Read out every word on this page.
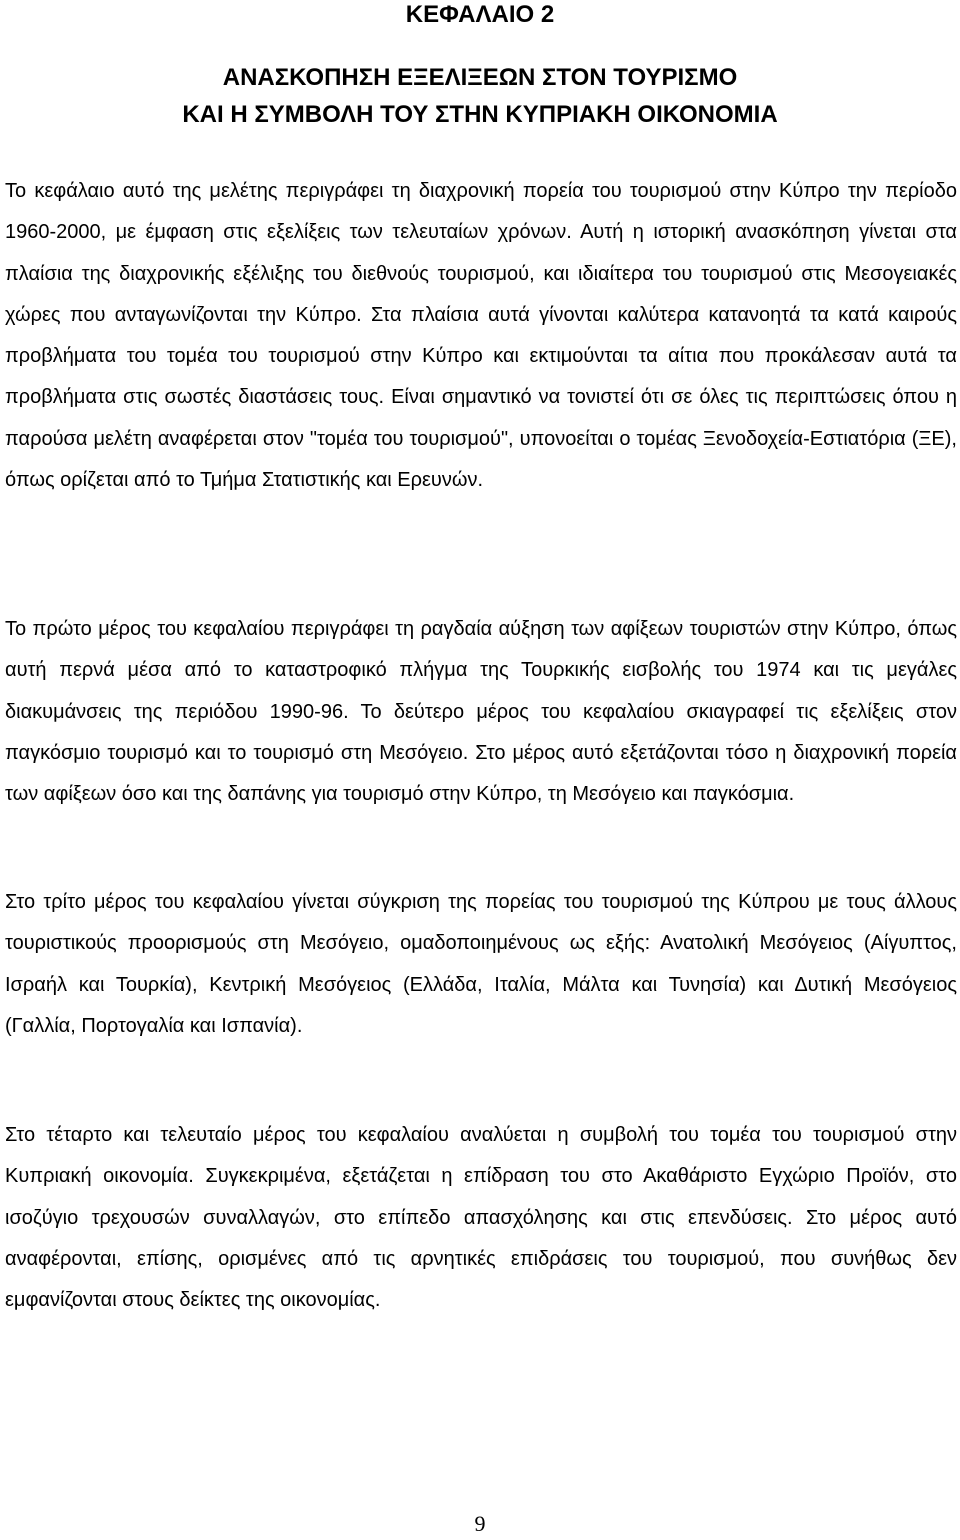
ΚΕΦΑΛΑΙΟ 2
ΑΝΑΣΚΟΠΗΣΗ ΕΞΕΛΙΞΕΩΝ ΣΤΟΝ ΤΟΥΡΙΣΜΟ
ΚΑΙ Η ΣΥΜΒΟΛΗ ΤΟΥ ΣΤΗΝ ΚΥΠΡΙΑΚΗ ΟΙΚΟΝΟΜΙΑ

Το κεφάλαιο αυτό της μελέτης περιγράφει τη διαχρονική πορεία του τουρισμού στην Κύπρο την περίοδο 1960-2000, με έμφαση στις εξελίξεις των τελευταίων χρόνων. Αυτή η ιστορική ανασκόπηση γίνεται στα πλαίσια της διαχρονικής εξέλιξης του διεθνούς τουρισμού, και ιδιαίτερα του τουρισμού στις Μεσογειακές χώρες που ανταγωνίζονται την Κύπρο. Στα πλαίσια αυτά γίνονται καλύτερα κατανοητά τα κατά καιρούς προβλήματα του τομέα του τουρισμού στην Κύπρο και εκτιμούνται τα αίτια που προκάλεσαν αυτά τα προβλήματα στις σωστές διαστάσεις τους. Είναι σημαντικό να τονιστεί ότι σε όλες τις περιπτώσεις όπου η παρούσα μελέτη αναφέρεται στον "τομέα του τουρισμού", υπονοείται ο τομέας Ξενοδοχεία-Εστιατόρια (ΞΕ), όπως ορίζεται από το Τμήμα Στατιστικής και Ερευνών.

Το πρώτο μέρος του κεφαλαίου περιγράφει τη ραγδαία αύξηση των αφίξεων τουριστών στην Κύπρο, όπως αυτή περνά μέσα από το καταστροφικό πλήγμα της Τουρκικής εισβολής του 1974 και τις μεγάλες διακυμάνσεις της περιόδου 1990-96. Το δεύτερο μέρος του κεφαλαίου σκιαγραφεί τις εξελίξεις στον παγκόσμιο τουρισμό και το τουρισμό στη Μεσόγειο. Στο μέρος αυτό εξετάζονται τόσο η διαχρονική πορεία των αφίξεων όσο και της δαπάνης για τουρισμό στην Κύπρο, τη Μεσόγειο και παγκόσμια.

Στο τρίτο μέρος του κεφαλαίου γίνεται σύγκριση της πορείας του τουρισμού της Κύπρου με τους άλλους τουριστικούς προορισμούς στη Μεσόγειο, ομαδοποιημένους ως εξής: Ανατολική Μεσόγειος (Αίγυπτος, Ισραήλ και Τουρκία), Κεντρική Μεσόγειος (Ελλάδα, Ιταλία, Μάλτα και Τυνησία) και Δυτική Μεσόγειος (Γαλλία, Πορτογαλία και Ισπανία).

Στο τέταρτο και τελευταίο μέρος του κεφαλαίου αναλύεται η συμβολή του τομέα του τουρισμού στην Κυπριακή οικονομία. Συγκεκριμένα, εξετάζεται η επίδραση του στο Ακαθάριστο Εγχώριο Προϊόν, στο ισοζύγιο τρεχουσών συναλλαγών, στο επίπεδο απασχόλησης και στις επενδύσεις. Στο μέρος αυτό αναφέρονται, επίσης, ορισμένες από τις αρνητικές επιδράσεις του τουρισμού, που συνήθως δεν εμφανίζονται στους δείκτες της οικονομίας.

9
